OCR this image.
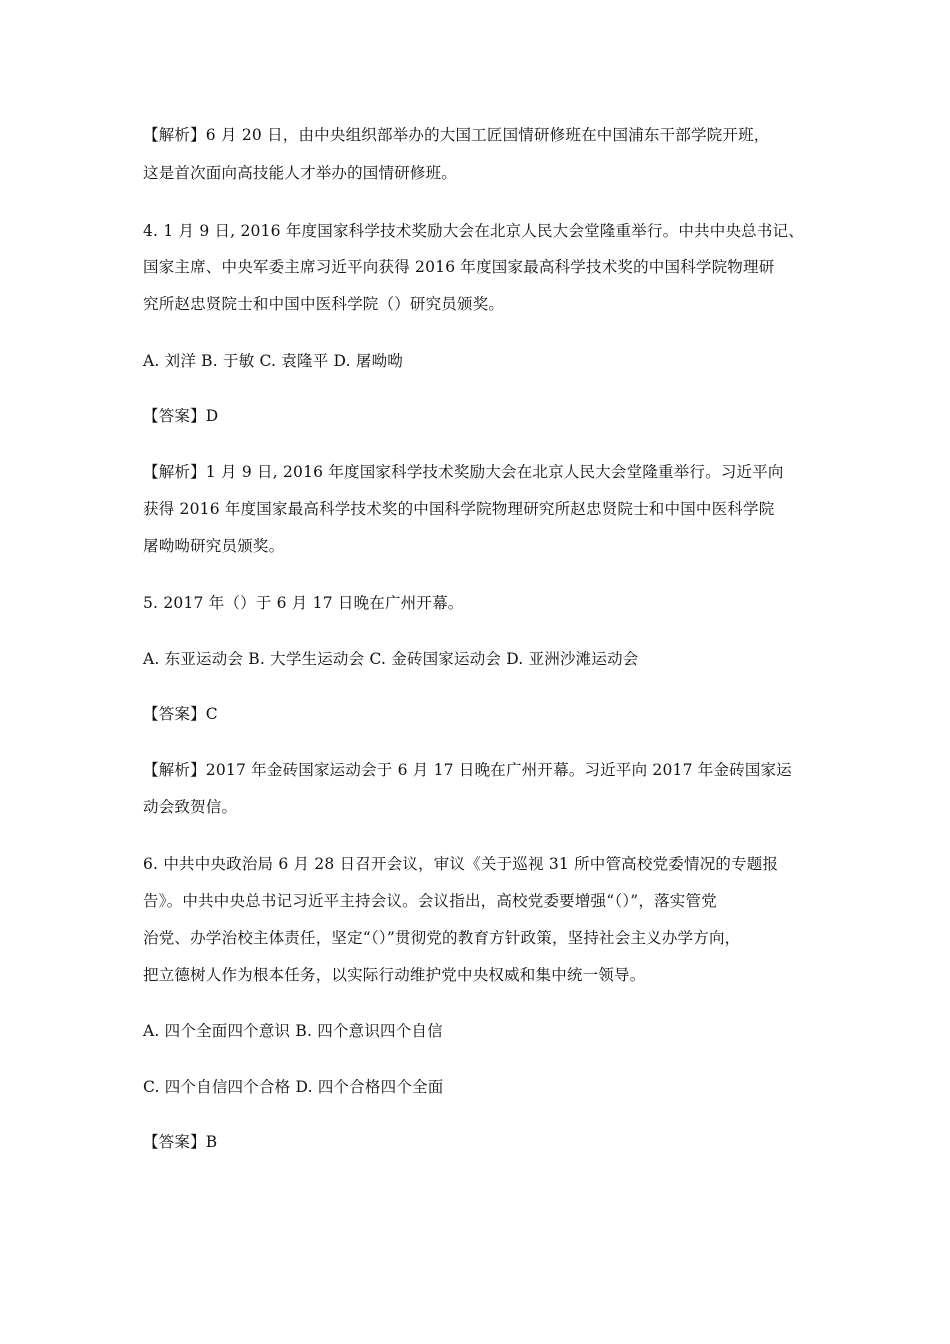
【解析】6 月 20 日，由中央组织部举办的大国工匠国情研修班在中国浦东干部学院开班，
这是首次面向高技能人才举办的国情研修班。
4. 1 月 9 日, 2016 年度国家科学技术奖励大会在北京人民大会堂隆重举行。中共中央总书记、
国家主席、中央军委主席习近平向获得 2016 年度国家最高科学技术奖的中国科学院物理研
究所赵忠贤院士和中国中医科学院（）研究员颁奖。
A. 刘洋 B. 于敏 C. 袁隆平 D. 屠呦呦
【答案】D
【解析】1 月 9 日, 2016 年度国家科学技术奖励大会在北京人民大会堂隆重举行。习近平向
获得 2016 年度国家最高科学技术奖的中国科学院物理研究所赵忠贤院士和中国中医科学院
屠呦呦研究员颁奖。
5. 2017 年（）于 6 月 17 日晚在广州开幕。
A. 东亚运动会 B. 大学生运动会 C. 金砖国家运动会 D. 亚洲沙滩运动会
【答案】C
【解析】2017 年金砖国家运动会于 6 月 17 日晚在广州开幕。习近平向 2017 年金砖国家运
动会致贺信。
6. 中共中央政治局 6 月 28 日召开会议，审议《关于巡视 31 所中管高校党委情况的专题报
告》。中共中央总书记习近平主持会议。会议指出，高校党委要增强“（）”，落实管党
治党、办学治校主体责任，坚定“（）”贯彻党的教育方针政策，坚持社会主义办学方向，
把立德树人作为根本任务，以实际行动维护党中央权威和集中统一领导。
A. 四个全面四个意识 B. 四个意识四个自信
C. 四个自信四个合格 D. 四个合格四个全面
【答案】B
